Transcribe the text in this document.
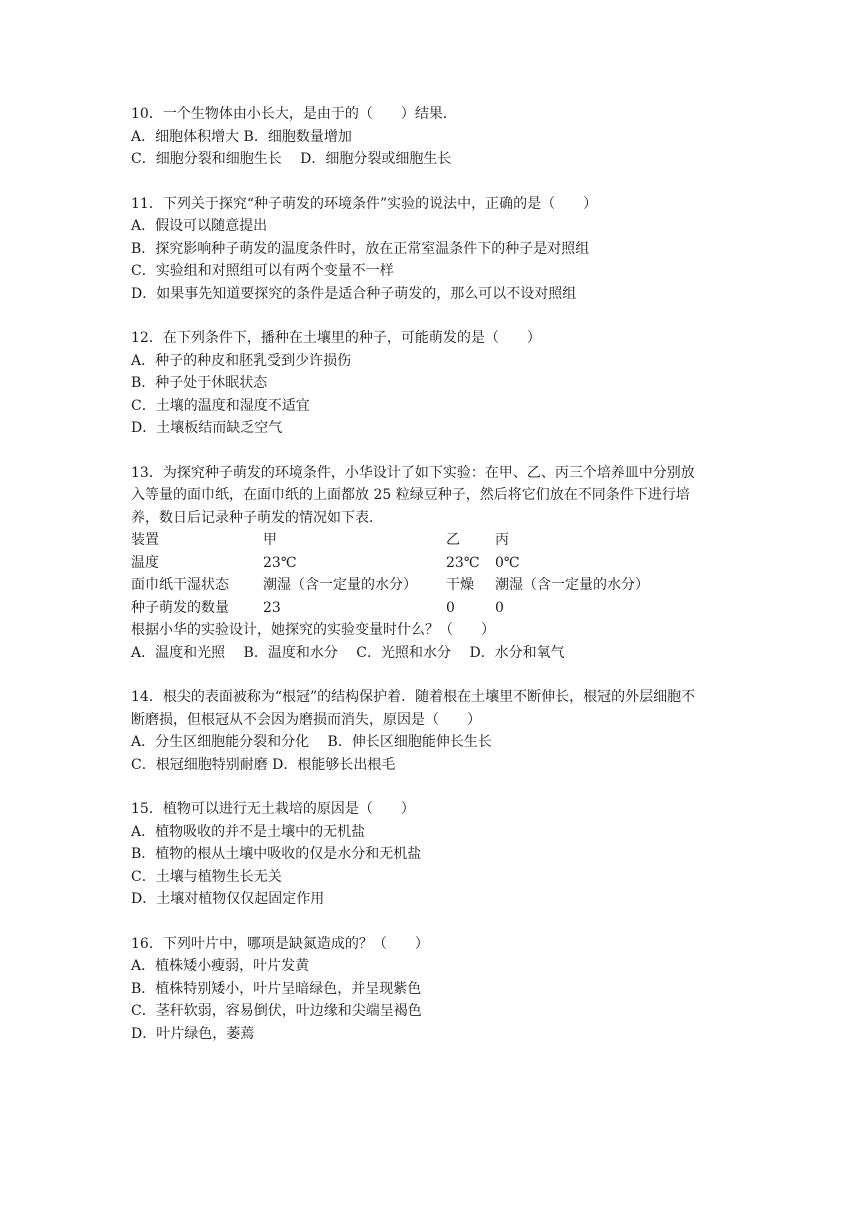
10．一个生物体由小长大，是由于的（　　）结果．
A．细胞体积增大 B．细胞数量增加
C．细胞分裂和细胞生长　 D．细胞分裂或细胞生长
11．下列关于探究“种子萌发的环境条件”实验的说法中，正确的是（　　）
A．假设可以随意提出
B．探究影响种子萌发的温度条件时，放在正常室温条件下的种子是对照组
C．实验组和对照组可以有两个变量不一样
D．如果事先知道要探究的条件是适合种子萌发的，那么可以不设对照组
12．在下列条件下，播种在土壤里的种子，可能萌发的是（　　）
A．种子的种皮和胚乳受到少许损伤
B．种子处于休眠状态
C．土壤的温度和湿度不适宜
D．土壤板结而缺乏空气
13．为探究种子萌发的环境条件，小华设计了如下实验：在甲、乙、丙三个培养皿中分别放
入等量的面巾纸，在面巾纸的上面都放 25 粒绿豆种子，然后将它们放在不同条件下进行培
养，数日后记录种子萌发的情况如下表．
装置	甲	乙	丙
温度	23℃	23℃	0℃
面巾纸干湿状态	潮湿（含一定量的水分）	干燥	潮湿（含一定量的水分）
种子萌发的数量	23	0	0
根据小华的实验设计，她探究的实验变量时什么？（　　）
A．温度和光照　 B．温度和水分　 C．光照和水分　 D．水分和氧气
14．根尖的表面被称为“根冠”的结构保护着．随着根在土壤里不断伸长，根冠的外层细胞不
断磨损，但根冠从不会因为磨损而消失，原因是（　　）
A．分生区细胞能分裂和分化　 B．伸长区细胞能伸长生长
C．根冠细胞特别耐磨 D．根能够长出根毛
15．植物可以进行无土栽培的原因是（　　）
A．植物吸收的并不是土壤中的无机盐
B．植物的根从土壤中吸收的仅是水分和无机盐
C．土壤与植物生长无关
D．土壤对植物仅仅起固定作用
16．下列叶片中，哪项是缺氮造成的？（　　）
A．植株矮小瘦弱，叶片发黄
B．植株特别矮小，叶片呈暗绿色，并呈现紫色
C．茎秆软弱，容易倒伏，叶边缘和尖端呈褐色
D．叶片绿色，萎蔫
